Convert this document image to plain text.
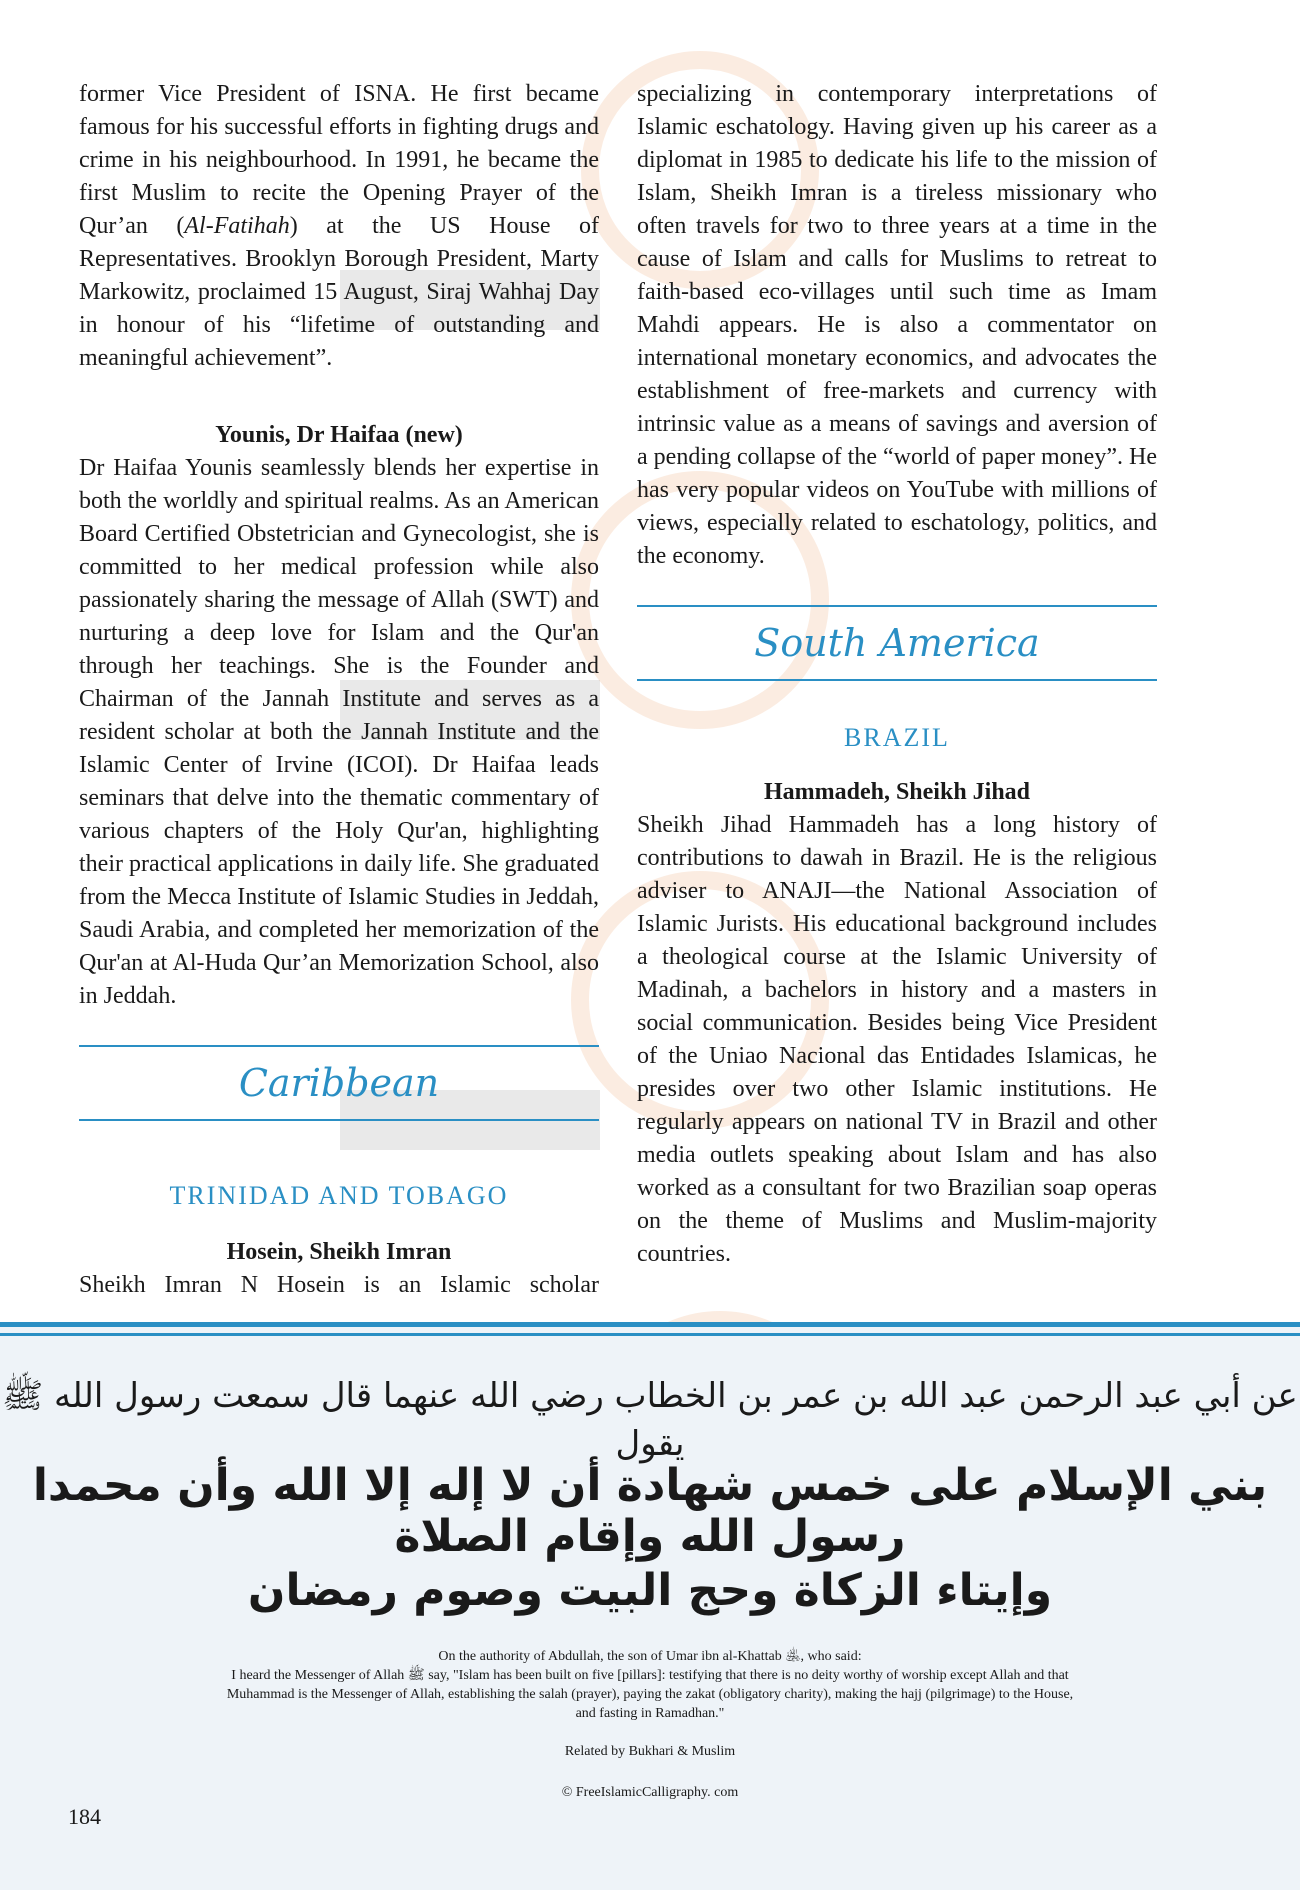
former Vice President of ISNA. He first became famous for his successful efforts in fighting drugs and crime in his neighbourhood. In 1991, he became the first Muslim to recite the Opening Prayer of the Qur’an (Al-Fatihah) at the US House of Representatives. Brooklyn Borough President, Marty Markowitz, proclaimed 15 August, Siraj Wahhaj Day in honour of his “lifetime of outstanding and meaningful achievement”.

Younis, Dr Haifaa (new)

Dr Haifaa Younis seamlessly blends her expertise in both the worldly and spiritual realms. As an American Board Certified Obstetrician and Gynecologist, she is committed to her medical profession while also passionately sharing the message of Allah (SWT) and nurturing a deep love for Islam and the Qur'an through her teachings. She is the Founder and Chairman of the Jannah Institute and serves as a resident scholar at both the Jannah Institute and the Islamic Center of Irvine (ICOI). Dr Haifaa leads seminars that delve into the thematic commentary of various chapters of the Holy Qur'an, highlighting their practical applications in daily life. She graduated from the Mecca Institute of Islamic Studies in Jeddah, Saudi Arabia, and completed her memorization of the Qur'an at Al-Huda Qur’an Memorization School, also in Jeddah.

Caribbean

TRINIDAD AND TOBAGO

Hosein, Sheikh Imran

Sheikh Imran N Hosein is an Islamic scholar

specializing in contemporary interpretations of Islamic eschatology. Having given up his career as a diplomat in 1985 to dedicate his life to the mission of Islam, Sheikh Imran is a tireless missionary who often travels for two to three years at a time in the cause of Islam and calls for Muslims to retreat to faith-based eco-villages until such time as Imam Mahdi appears. He is also a commentator on international monetary economics, and advocates the establishment of free-markets and currency with intrinsic value as a means of savings and aversion of a pending collapse of the “world of paper money”. He has very popular videos on YouTube with millions of views, especially related to eschatology, politics, and the economy.

South America

BRAZIL

Hammadeh, Sheikh Jihad

Sheikh Jihad Hammadeh has a long history of contributions to dawah in Brazil. He is the religious adviser to ANAJI—the National Association of Islamic Jurists. His educational background includes a theological course at the Islamic University of Madinah, a bachelors in history and a masters in social communication. Besides being Vice President of the Uniao Nacional das Entidades Islamicas, he presides over two other Islamic institutions. He regularly appears on national TV in Brazil and other media outlets speaking about Islam and has also worked as a consultant for two Brazilian soap operas on the theme of Muslims and Muslim-majority countries.

عن أبي عبد الرحمن عبد الله بن عمر بن الخطاب رضي الله عنهما قال سمعت رسول الله ﷺ يقول
بني الإسلام على خمس شهادة أن لا إله إلا الله وأن محمدا رسول الله وإقام الصلاة
وإيتاء الزكاة وحج البيت وصوم رمضان
On the authority of Abdullah, the son of Umar ibn al-Khattab ﵁, who said:
I heard the Messenger of Allah ﷺ say, "Islam has been built on five [pillars]: testifying that there is no deity worthy of worship except Allah and that Muhammad is the Messenger of Allah, establishing the salah (prayer), paying the zakat (obligatory charity), making the hajj (pilgrimage) to the House, and fasting in Ramadhan."
Related by Bukhari & Muslim
© FreeIslamicCalligraphy. com
184
